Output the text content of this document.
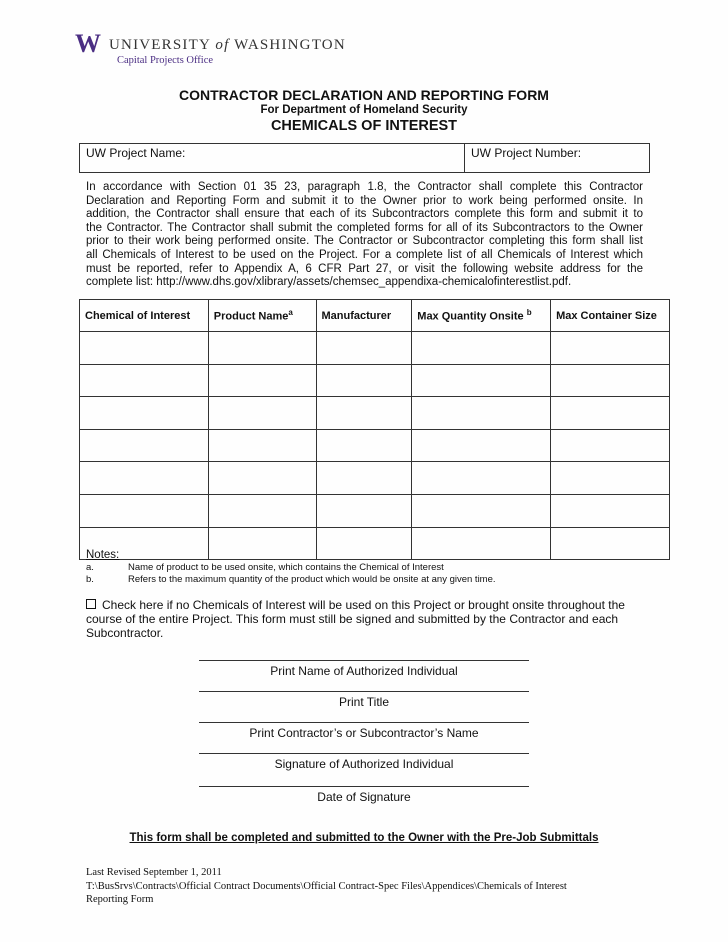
W UNIVERSITY of WASHINGTON
Capital Projects Office
CONTRACTOR DECLARATION AND REPORTING FORM
For Department of Homeland Security
CHEMICALS OF INTEREST
UW Project Name:	UW Project Number:
In accordance with Section 01 35 23, paragraph 1.8, the Contractor shall complete this Contractor
Declaration and Reporting Form and submit it to the Owner prior to work being performed onsite. In
addition, the Contractor shall ensure that each of its Subcontractors complete this form and submit it to
the Contractor. The Contractor shall submit the completed forms for all of its Subcontractors to the Owner
prior to their work being performed onsite. The Contractor or Subcontractor completing this form shall list
all Chemicals of Interest to be used on the Project. For a complete list of all Chemicals of Interest which
must be reported, refer to Appendix A, 6 CFR Part 27, or visit the following website address for the
complete list: http://www.dhs.gov/xlibrary/assets/chemsec_appendixa-chemicalofinterestlist.pdf.
Chemical of Interest	Product Name$^a$	Manufacturer	Max Quantity Onsite $^b$	Max Container Size

Notes:
a.	Name of product to be used onsite, which contains the Chemical of Interest
b.	Refers to the maximum quantity of the product which would be onsite at any given time.
Check here if no Chemicals of Interest will be used on this Project or brought onsite throughout the
course of the entire Project. This form must still be signed and submitted by the Contractor and each
Subcontractor.
Print Name of Authorized Individual
Print Title
Print Contractor’s or Subcontractor’s Name
Signature of Authorized Individual
Date of Signature
This form shall be completed and submitted to the Owner with the Pre-Job Submittals
Last Revised September 1, 2011
T:\BusSrvs\Contracts\Official Contract Documents\Official Contract-Spec Files\Appendices\Chemicals of Interest
Reporting Form
